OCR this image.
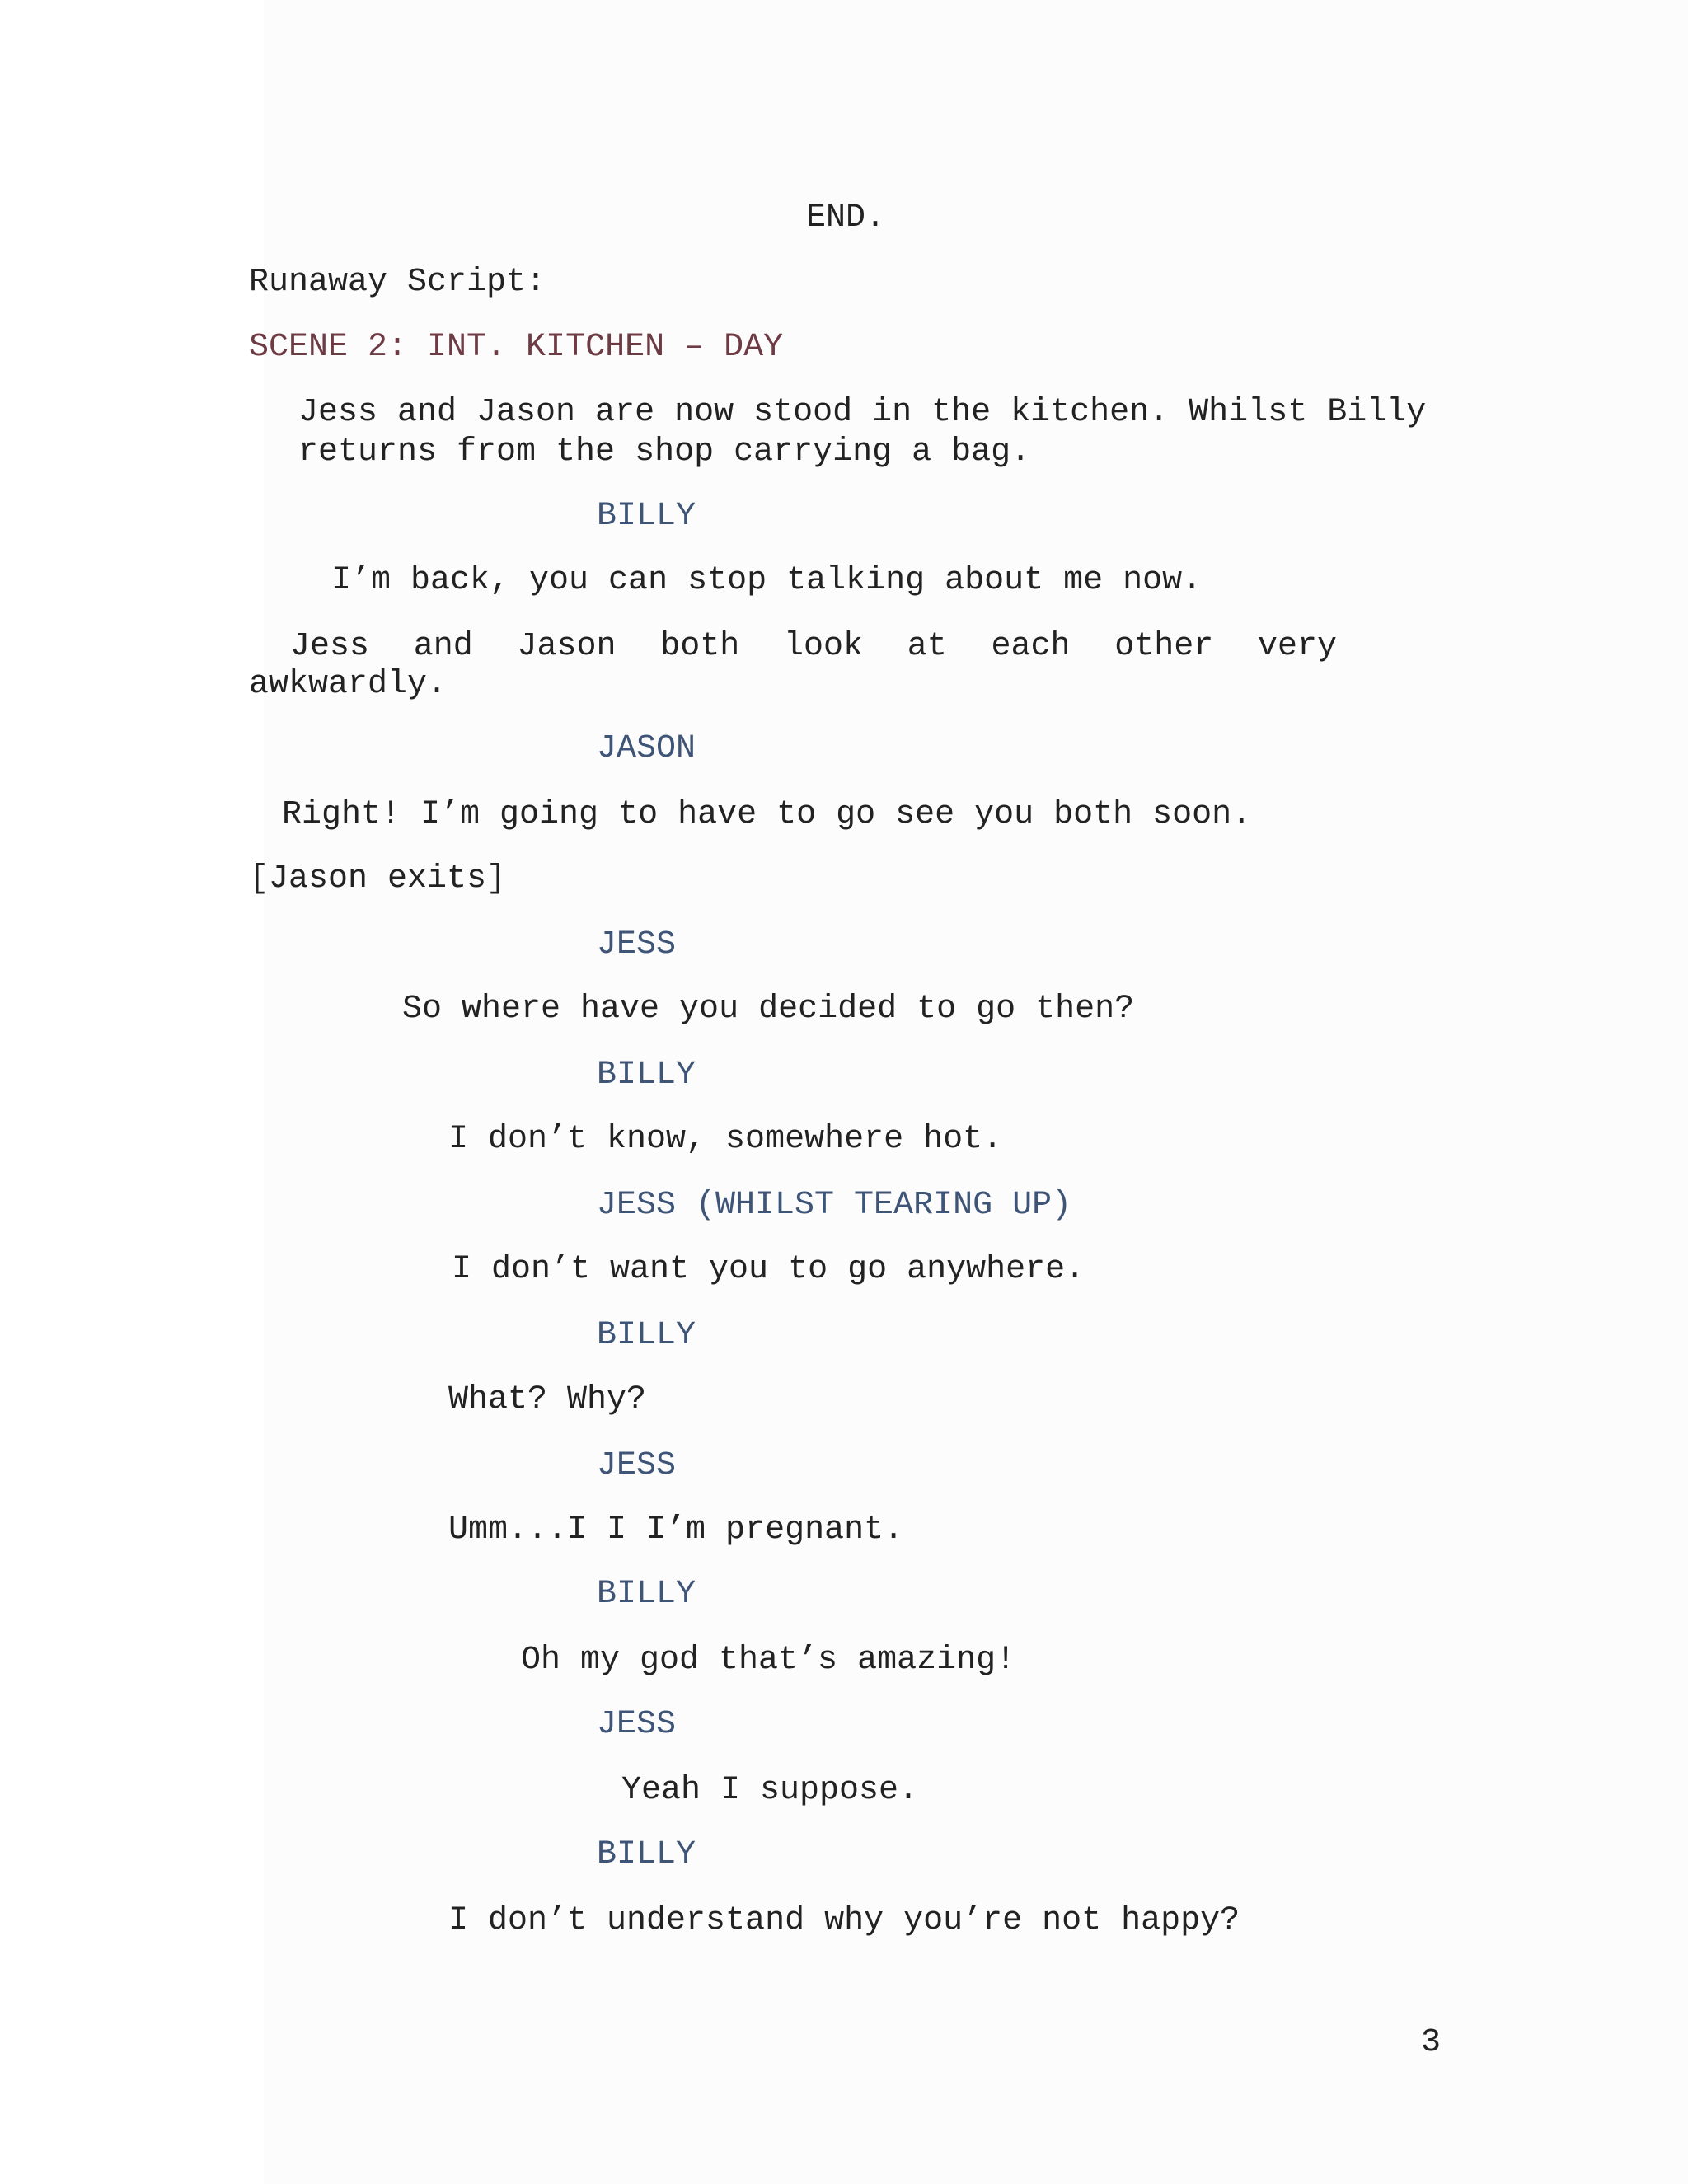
END.

Runaway Script:

SCENE 2: INT. KITCHEN – DAY

Jess and Jason are now stood in the kitchen. Whilst Billy

returns from the shop carrying a bag.

BILLY

I’m back, you can stop talking about me now.

Jess and Jason both look at each other very

awkwardly.

JASON

Right! I’m going to have to go see you both soon.

[Jason exits]

JESS

So where have you decided to go then?

BILLY

I don’t know, somewhere hot.

JESS (WHILST TEARING UP)

I don’t want you to go anywhere.

BILLY

What? Why?

JESS

Umm...I I I’m pregnant.

BILLY

Oh my god that’s amazing!

JESS

Yeah I suppose.

BILLY

I don’t understand why you’re not happy?

3
